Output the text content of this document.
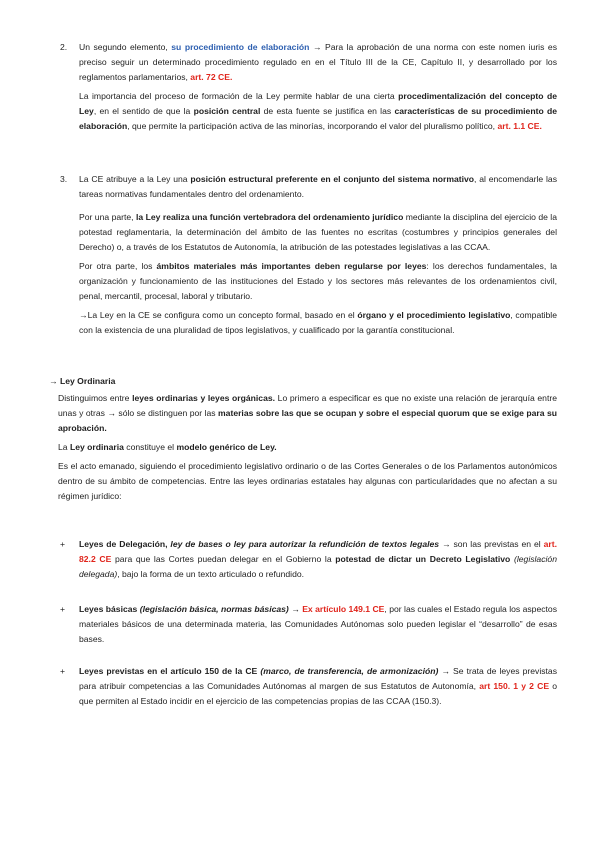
2. Un segundo elemento, su procedimiento de elaboración → Para la aprobación de una norma con este nomen iuris es preciso seguir un determinado procedimiento regulado en en el Título III de la CE, Capítulo II, y desarrollado por los reglamentos parlamentarios, art. 72 CE.

La importancia del proceso de formación de la Ley permite hablar de una cierta procedimentalización del concepto de Ley, en el sentido de que la posición central de esta fuente se justifica en las características de su procedimiento de elaboración, que permite la participación activa de las minorías, incorporando el valor del pluralismo político, art. 1.1 CE.

3. La CE atribuye a la Ley una posición estructural preferente en el conjunto del sistema normativo, al encomendarle las tareas normativas fundamentales dentro del ordenamiento.

Por una parte, la Ley realiza una función vertebradora del ordenamiento jurídico mediante la disciplina del ejercicio de la potestad reglamentaria, la determinación del ámbito de las fuentes no escritas (costumbres y principios generales del Derecho) o, a través de los Estatutos de Autonomía, la atribución de las potestades legislativas a las CCAA.

Por otra parte, los ámbitos materiales más importantes deben regularse por leyes: los derechos fundamentales, la organización y funcionamiento de las instituciones del Estado y los sectores más relevantes de los ordenamientos civil, penal, mercantil, procesal, laboral y tributario.

→La Ley en la CE se configura como un concepto formal, basado en el órgano y el procedimiento legislativo, compatible con la existencia de una pluralidad de tipos legislativos, y cualificado por la garantía constitucional.

→ Ley Ordinaria

Distinguimos entre leyes ordinarias y leyes orgánicas. Lo primero a especificar es que no existe una relación de jerarquía entre unas y otras → sólo se distinguen por las materias sobre las que se ocupan y sobre el especial quorum que se exige para su aprobación.

La Ley ordinaria constituye el modelo genérico de Ley.

Es el acto emanado, siguiendo el procedimiento legislativo ordinario o de las Cortes Generales o de los Parlamentos autonómicos dentro de su ámbito de competencias. Entre las leyes ordinarias estatales hay algunas con particularidades que no afectan a su régimen jurídico:

+ Leyes de Delegación, ley de bases o ley para autorizar la refundición de textos legales → son las previstas en el art. 82.2 CE para que las Cortes puedan delegar en el Gobierno la potestad de dictar un Decreto Legislativo (legislación delegada), bajo la forma de un texto articulado o refundido.

+ Leyes básicas (legislación básica, normas básicas) → Ex artículo 149.1 CE, por las cuales el Estado regula los aspectos materiales básicos de una determinada materia, las Comunidades Autónomas solo pueden legislar el “desarrollo” de esas bases.

+ Leyes previstas en el artículo 150 de la CE (marco, de transferencia, de armonización) → Se trata de leyes previstas para atribuir competencias a las Comunidades Autónomas al margen de sus Estatutos de Autonomía, art 150. 1 y 2 CE o que permiten al Estado incidir en el ejercicio de las competencias propias de las CCAA (150.3).
